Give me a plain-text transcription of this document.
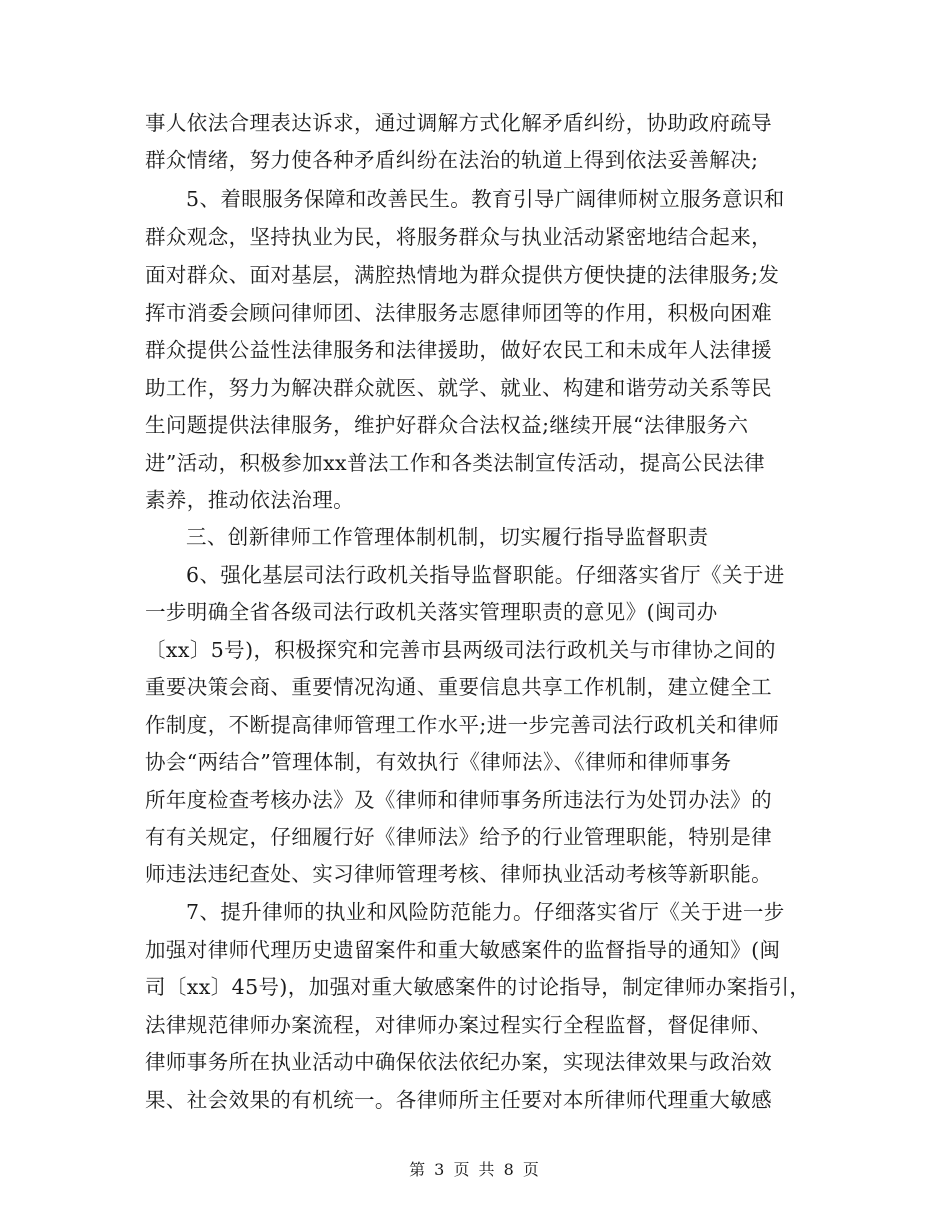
事人依法合理表达诉求，通过调解方式化解矛盾纠纷，协助政府疏导
群众情绪，努力使各种矛盾纠纷在法治的轨道上得到依法妥善解决;
5、着眼服务保障和改善民生。教育引导广阔律师树立服务意识和
群众观念，坚持执业为民，将服务群众与执业活动紧密地结合起来，
面对群众、面对基层，满腔热情地为群众提供方便快捷的法律服务;发
挥市消委会顾问律师团、法律服务志愿律师团等的作用，积极向困难
群众提供公益性法律服务和法律援助，做好农民工和未成年人法律援
助工作，努力为解决群众就医、就学、就业、构建和谐劳动关系等民
生问题提供法律服务，维护好群众合法权益;继续开展“法律服务六
进”活动，积极参加xx普法工作和各类法制宣传活动，提高公民法律
素养，推动依法治理。
三、创新律师工作管理体制机制，切实履行指导监督职责
6、强化基层司法行政机关指导监督职能。仔细落实省厅《关于进
一步明确全省各级司法行政机关落实管理职责的意见》(闽司办
〔xx〕5号)，积极探究和完善市县两级司法行政机关与市律协之间的
重要决策会商、重要情况沟通、重要信息共享工作机制，建立健全工
作制度，不断提高律师管理工作水平;进一步完善司法行政机关和律师
协会“两结合”管理体制，有效执行《律师法》、《律师和律师事务
所年度检查考核办法》及《律师和律师事务所违法行为处罚办法》的
有有关规定，仔细履行好《律师法》给予的行业管理职能，特别是律
师违法违纪查处、实习律师管理考核、律师执业活动考核等新职能。
7、提升律师的执业和风险防范能力。仔细落实省厅《关于进一步
加强对律师代理历史遗留案件和重大敏感案件的监督指导的通知》(闽
司〔xx〕45号)，加强对重大敏感案件的讨论指导，制定律师办案指引，
法律规范律师办案流程，对律师办案过程实行全程监督，督促律师、
律师事务所在执业活动中确保依法依纪办案，实现法律效果与政治效
果、社会效果的有机统一。各律师所主任要对本所律师代理重大敏感
第 3 页 共 8 页
